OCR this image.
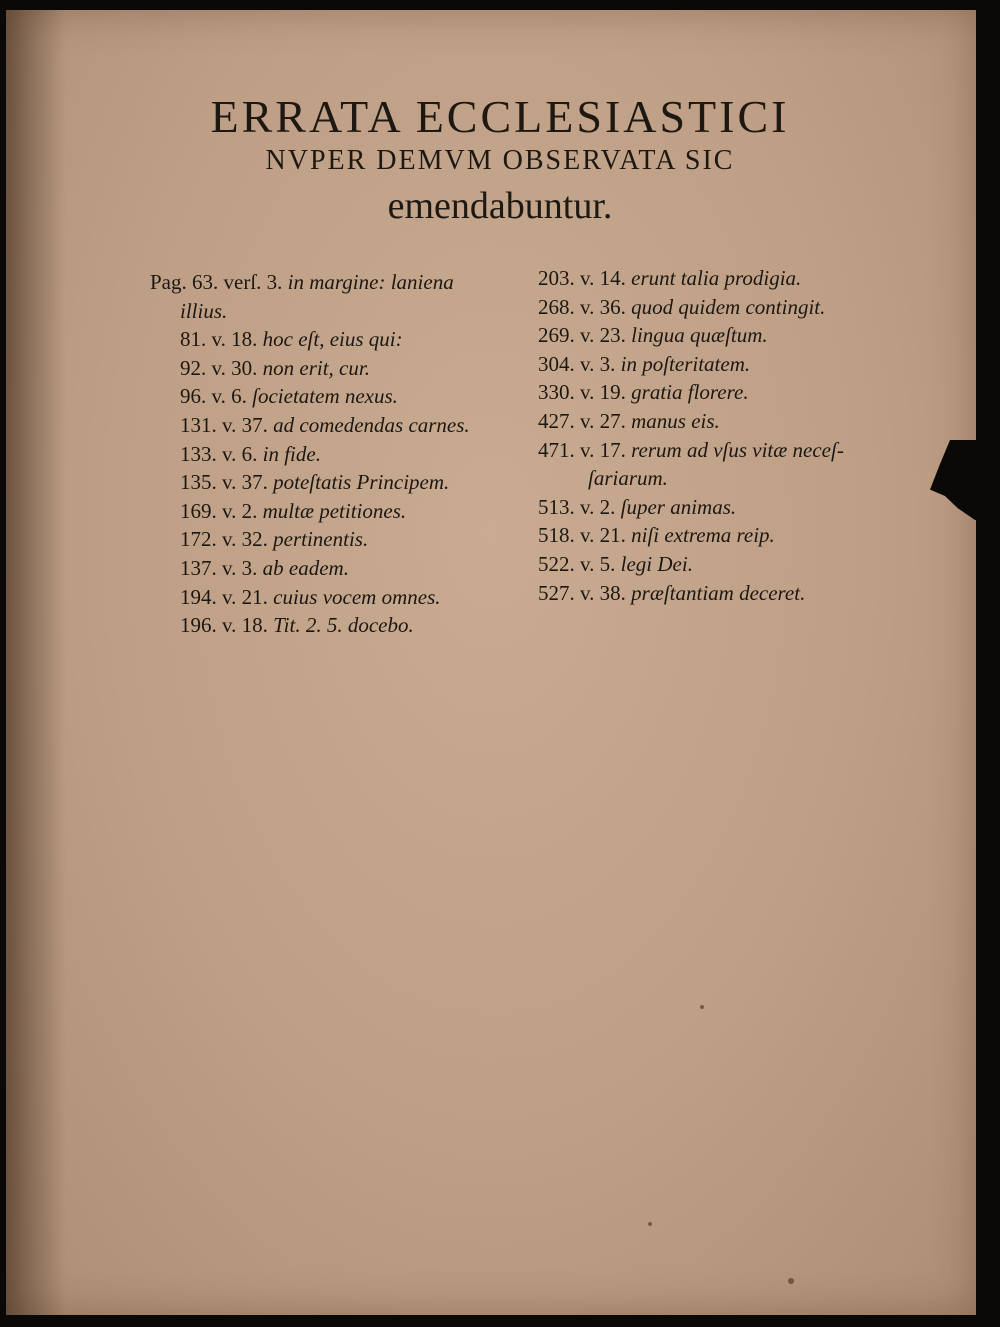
ERRATA ECCLESIASTICI
NVPER DEMVM OBSERVATA SIC
emendabuntur.
Pag. 63. verſ. 3. in margine: laniena
illius.
81. v. 18. hoc eſt, eius qui:
92. v. 30. non erit, cur.
96. v. 6. ſocietatem nexus.
131. v. 37. ad comedendas carnes.
133. v. 6. in fide.
135. v. 37. poteſtatis Principem.
169. v. 2. multæ petitiones.
172. v. 32. pertinentis.
137. v. 3. ab eadem.
194. v. 21. cuius vocem omnes.
196. v. 18. Tit. 2. 5. docebo.
203. v. 14. erunt talia prodigia.
268. v. 36. quod quidem contingit.
269. v. 23. lingua quæſtum.
304. v. 3. in poſteritatem.
330. v. 19. gratia florere.
427. v. 27. manus eis.
471. v. 17. rerum ad vſus vitæ neceſ-
ſariarum.
513. v. 2. ſuper animas.
518. v. 21. niſi extrema reip.
522. v. 5. legi Dei.
527. v. 38. præſtantiam deceret.
